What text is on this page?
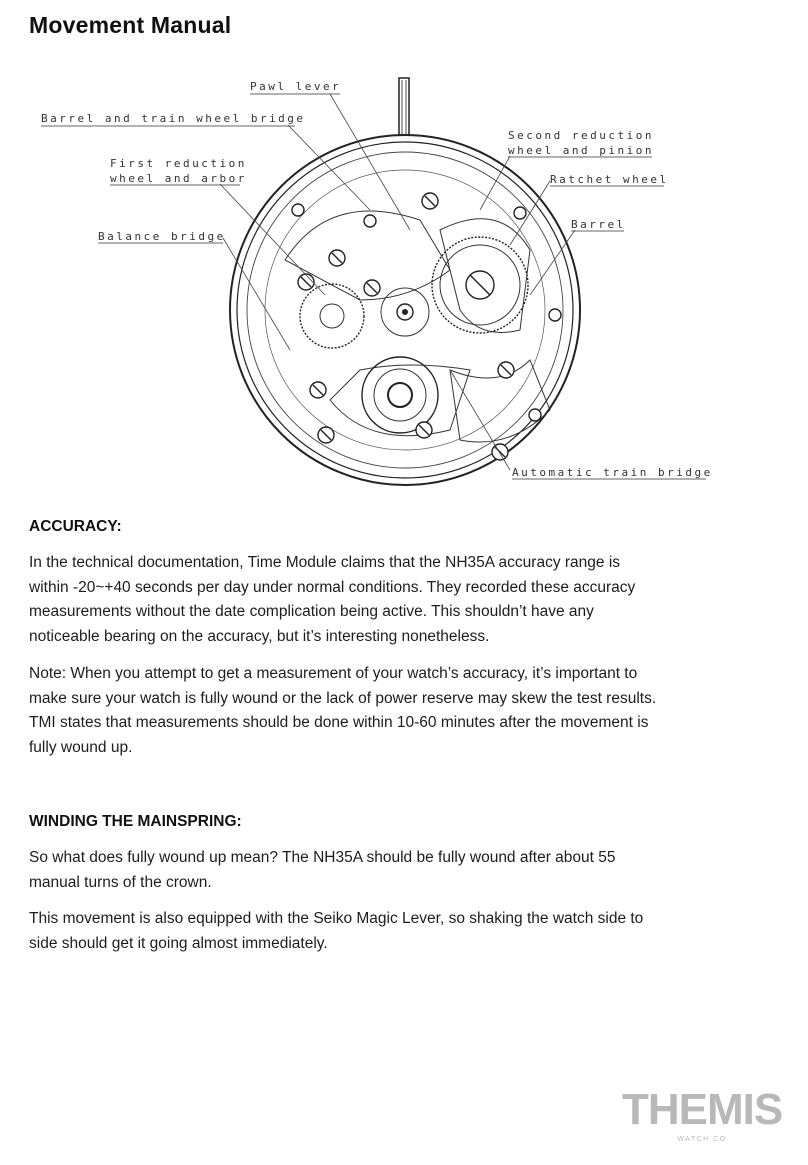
Movement Manual
Pawl lever
Barrel and train wheel bridge
First reduction
wheel and arbor
Balance bridge
Second reduction
wheel and pinion
Ratchet wheel
Barrel
Automatic train bridge
ACCURACY:

In the technical documentation, Time Module claims that the NH35A accuracy range is
within -20~+40 seconds per day under normal conditions. They recorded these accuracy
measurements without the date complication being active. This shouldn’t have any
noticeable bearing on the accuracy, but it’s interesting nonetheless.

Note: When you attempt to get a measurement of your watch’s accuracy, it’s important to
make sure your watch is fully wound or the lack of power reserve may skew the test results.
TMI states that measurements should be done within 10-60 minutes after the movement is
fully wound up.

WINDING THE MAINSPRING:

So what does fully wound up mean? The NH35A should be fully wound after about 55
manual turns of the crown.

This movement is also equipped with the Seiko Magic Lever, so shaking the watch side to
side should get it going almost immediately.

THEMIS
WATCH CO
